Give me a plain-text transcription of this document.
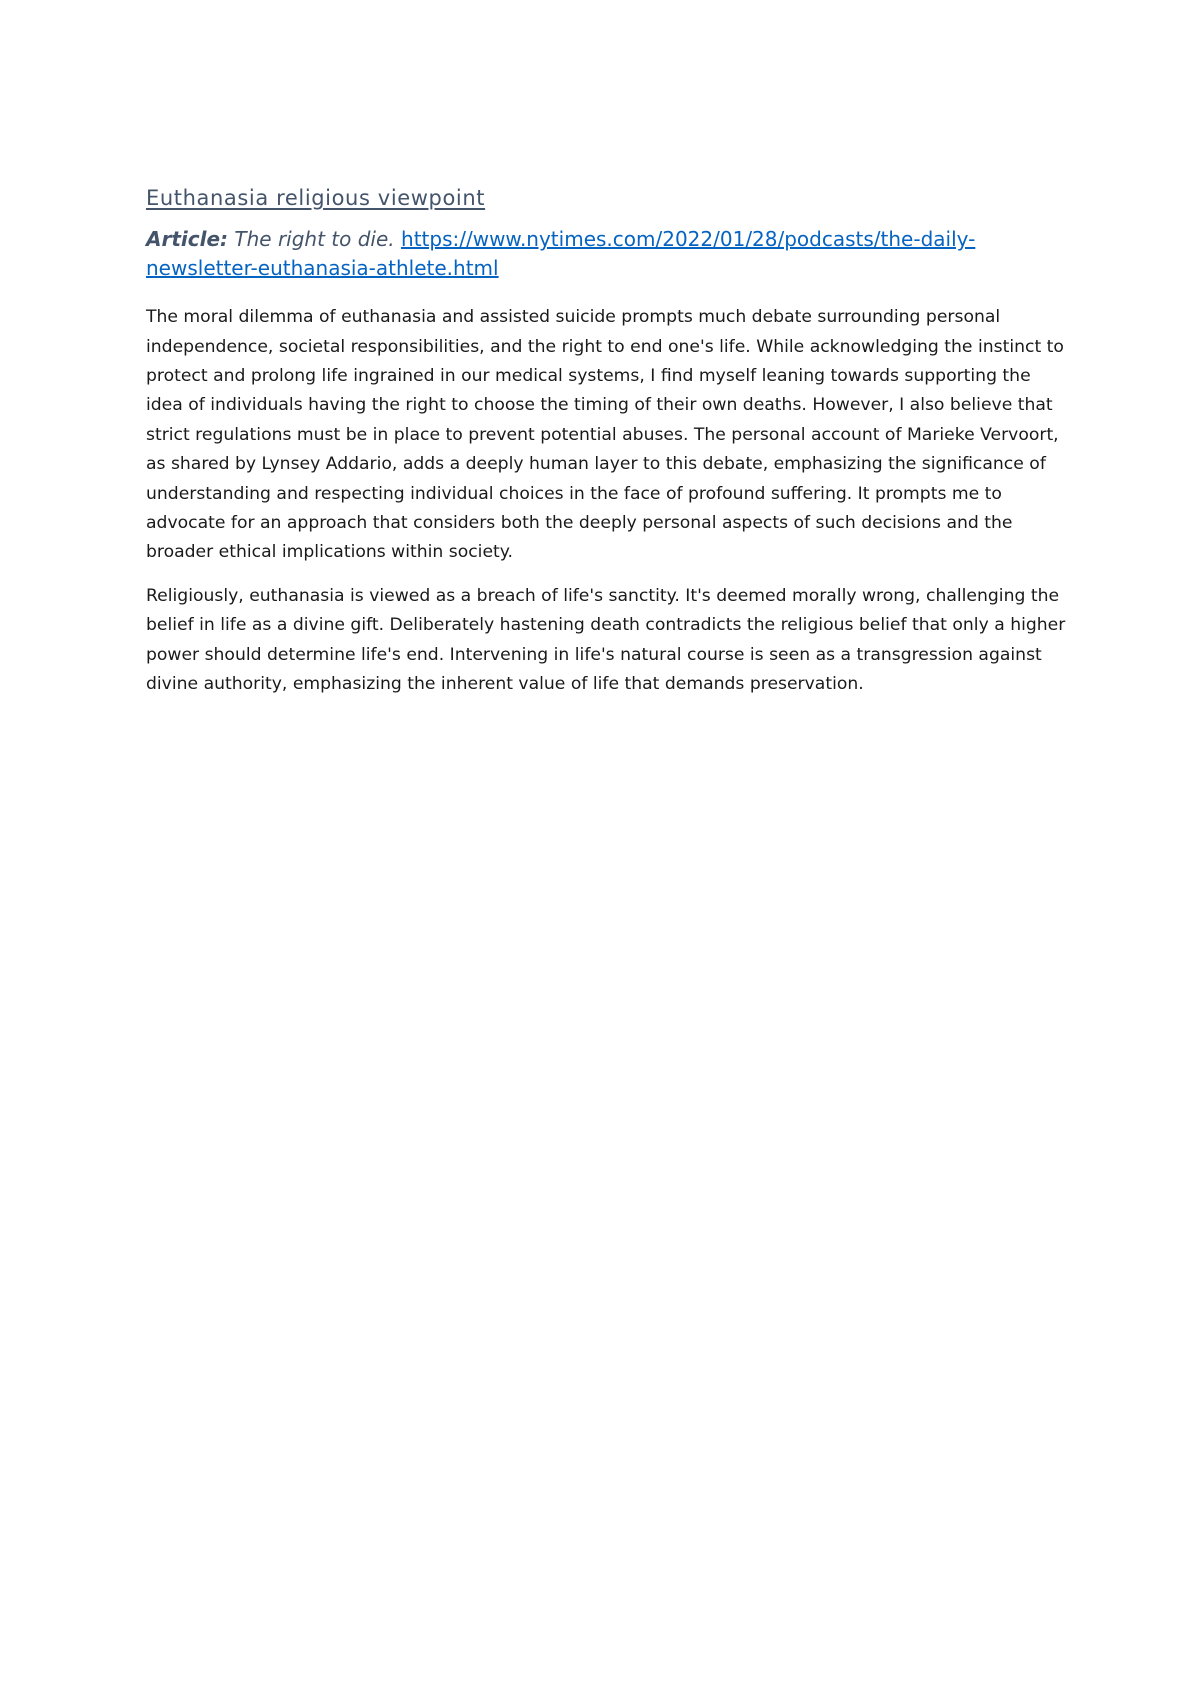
Euthanasia religious viewpoint

Article: The right to die. https://www.nytimes.com/2022/01/28/podcasts/the-daily-newsletter-euthanasia-athlete.html

The moral dilemma of euthanasia and assisted suicide prompts much debate surrounding personal independence, societal responsibilities, and the right to end one's life. While acknowledging the instinct to protect and prolong life ingrained in our medical systems, I find myself leaning towards supporting the idea of individuals having the right to choose the timing of their own deaths. However, I also believe that strict regulations must be in place to prevent potential abuses. The personal account of Marieke Vervoort, as shared by Lynsey Addario, adds a deeply human layer to this debate, emphasizing the significance of understanding and respecting individual choices in the face of profound suffering. It prompts me to advocate for an approach that considers both the deeply personal aspects of such decisions and the broader ethical implications within society.

Religiously, euthanasia is viewed as a breach of life's sanctity. It's deemed morally wrong, challenging the belief in life as a divine gift. Deliberately hastening death contradicts the religious belief that only a higher power should determine life's end. Intervening in life's natural course is seen as a transgression against divine authority, emphasizing the inherent value of life that demands preservation.
